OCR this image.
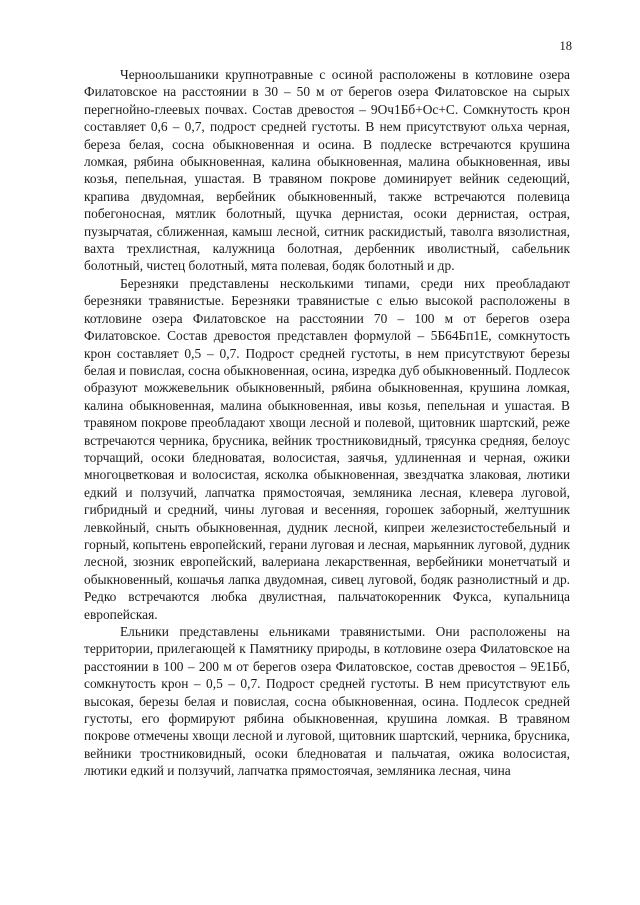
18

Черноольшаники крупнотравные с осиной расположены в котловине озера Филатовское на расстоянии в 30 – 50 м от берегов озера Филатовское на сырых перегнойно-глеевых почвах. Состав древостоя – 9Оч1Бб+Ос+С. Сомкнутость крон составляет 0,6 – 0,7, подрост средней густоты. В нем присутствуют ольха черная, береза белая, сосна обыкновенная и осина. В подлеске встречаются крушина ломкая, рябина обыкновенная, калина обыкновенная, малина обыкновенная, ивы козья, пепельная, ушастая. В травяном покрове доминирует вейник седеющий, крапива двудомная, вербейник обыкновенный, также встречаются полевица побегоносная, мятлик болотный, щучка дернистая, осоки дернистая, острая, пузырчатая, сближенная, камыш лесной, ситник раскидистый, таволга вязолистная, вахта трехлистная, калужница болотная, дербенник иволистный, сабельник болотный, чистец болотный, мята полевая, бодяк болотный и др.

Березняки представлены несколькими типами, среди них преобладают березняки травянистые. Березняки травянистые с елью высокой расположены в котловине озера Филатовское на расстоянии 70 – 100 м от берегов озера Филатовское. Состав древостоя представлен формулой – 5Б64Бп1Е, сомкнутость крон составляет 0,5 – 0,7. Подрост средней густоты, в нем присутствуют березы белая и повислая, сосна обыкновенная, осина, изредка дуб обыкновенный. Подлесок образуют можжевельник обыкновенный, рябина обыкновенная, крушина ломкая, калина обыкновенная, малина обыкновенная, ивы козья, пепельная и ушастая. В травяном покрове преобладают хвощи лесной и полевой, щитовник шартский, реже встречаются черника, брусника, вейник тростниковидный, трясунка средняя, белоус торчащий, осоки бледноватая, волосистая, заячья, удлиненная и черная, ожики многоцветковая и волосистая, ясколка обыкновенная, звездчатка злаковая, лютики едкий и ползучий, лапчатка прямостоячая, земляника лесная, клевера луговой, гибридный и средний, чины луговая и весенняя, горошек заборный, желтушник левкойный, сныть обыкновенная, дудник лесной, кипреи железистостебельный и горный, копытень европейский, герани луговая и лесная, марьянник луговой, дудник лесной, зюзник европейский, валериана лекарственная, вербейники монетчатый и обыкновенный, кошачья лапка двудомная, сивец луговой, бодяк разнолистный и др. Редко встречаются любка двулистная, пальчатокоренник Фукса, купальница европейская.

Ельники представлены ельниками травянистыми. Они расположены на территории, прилегающей к Памятнику природы, в котловине озера Филатовское на расстоянии в 100 – 200 м от берегов озера Филатовское, состав древостоя – 9Е1Бб, сомкнутость крон – 0,5 – 0,7. Подрост средней густоты. В нем присутствуют ель высокая, березы белая и повислая, сосна обыкновенная, осина. Подлесок средней густоты, его формируют рябина обыкновенная, крушина ломкая. В травяном покрове отмечены хвощи лесной и луговой, щитовник шартский, черника, брусника, вейники тростниковидный, осоки бледноватая и пальчатая, ожика волосистая, лютики едкий и ползучий, лапчатка прямостоячая, земляника лесная, чина
